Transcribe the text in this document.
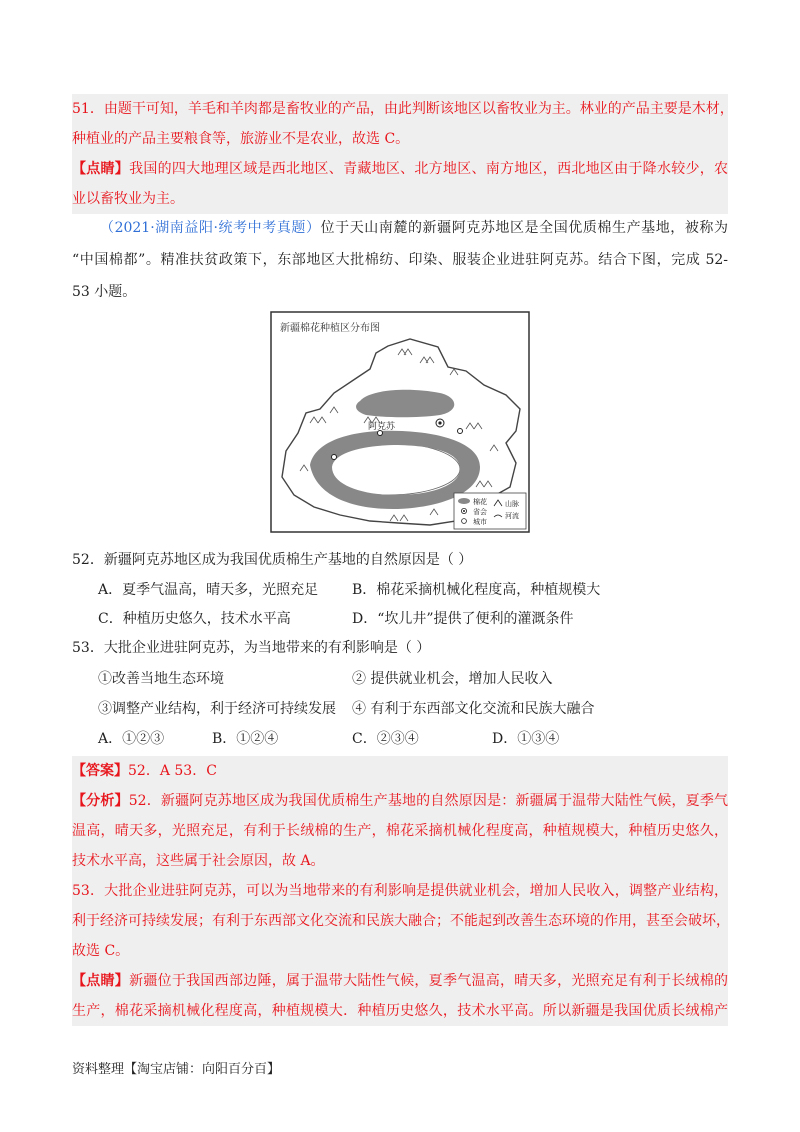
51．由题干可知，羊毛和羊肉都是畜牧业的产品，由此判断该地区以畜牧业为主。林业的产品主要是木材，
种植业的产品主要粮食等，旅游业不是农业，故选 C。
【点睛】我国的四大地理区域是西北地区、青藏地区、北方地区、南方地区，西北地区由于降水较少，农
业以畜牧业为主。
（2021·湖南益阳·统考中考真题）位于天山南麓的新疆阿克苏地区是全国优质棉生产基地，被称为
“中国棉都”。精准扶贫政策下，东部地区大批棉纺、印染、服装企业进驻阿克苏。结合下图，完成 52-
53 小题。
新疆棉花种植区分布图
阿克苏
棉花
省会
城市
山脉
河流
52．新疆阿克苏地区成为我国优质棉生产基地的自然原因是（ ）
A．夏季气温高，晴天多，光照充足 B．棉花采摘机械化程度高，种植规模大
C．种植历史悠久，技术水平高	D．“坎儿井”提供了便利的灌溉条件
53．大批企业进驻阿克苏，为当地带来的有利影响是（ ）
①改善当地生态环境	② 提供就业机会，增加人民收入
③调整产业结构，利于经济可持续发展 ④ 有利于东西部文化交流和民族大融合
A．①②③	B．①②④	C．②③④	D．①③④
【答案】52．A 53．C
【分析】52．新疆阿克苏地区成为我国优质棉生产基地的自然原因是：新疆属于温带大陆性气候，夏季气
温高，晴天多，光照充足，有利于长绒棉的生产，棉花采摘机械化程度高，种植规模大，种植历史悠久，
技术水平高，这些属于社会原因，故 A。
53．大批企业进驻阿克苏，可以为当地带来的有利影响是提供就业机会，增加人民收入，调整产业结构，
利于经济可持续发展；有利于东西部文化交流和民族大融合；不能起到改善生态环境的作用，甚至会破坏，
故选 C。
【点睛】新疆位于我国西部边陲，属于温带大陆性气候，夏季气温高，晴天多，光照充足有利于长绒棉的
生产，棉花采摘机械化程度高，种植规模大．种植历史悠久，技术水平高。所以新疆是我国优质长绒棉产
资料整理【淘宝店铺：向阳百分百】
